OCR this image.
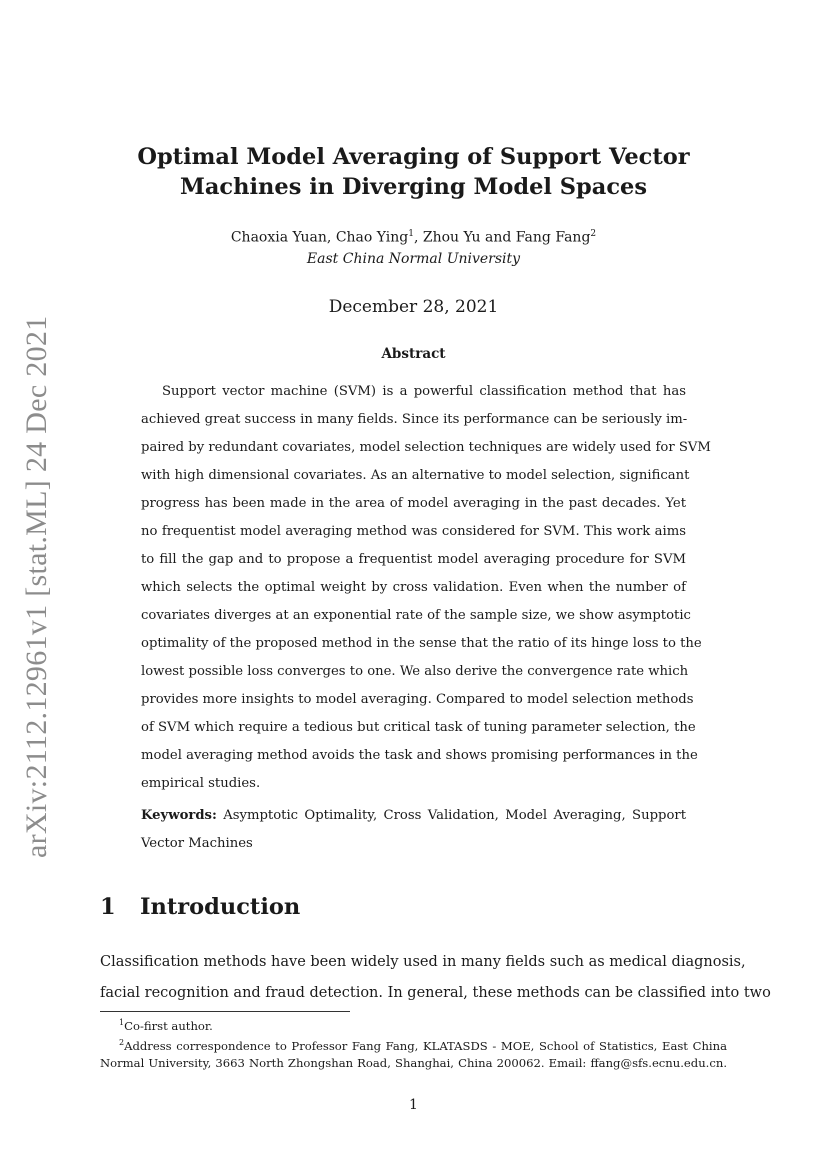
arXiv:2112.12961v1 [stat.ML] 24 Dec 2021
Optimal Model Averaging of Support Vector
Machines in Diverging Model Spaces
Chaoxia Yuan, Chao Ying$^1$, Zhou Yu and Fang Fang$^2$
East China Normal University
December 28, 2021
Abstract
Support vector machine (SVM) is a powerful classification method that has
achieved great success in many fields. Since its performance can be seriously im-
paired by redundant covariates, model selection techniques are widely used for SVM
with high dimensional covariates. As an alternative to model selection, significant
progress has been made in the area of model averaging in the past decades. Yet
no frequentist model averaging method was considered for SVM. This work aims
to fill the gap and to propose a frequentist model averaging procedure for SVM
which selects the optimal weight by cross validation. Even when the number of
covariates diverges at an exponential rate of the sample size, we show asymptotic
optimality of the proposed method in the sense that the ratio of its hinge loss to the
lowest possible loss converges to one. We also derive the convergence rate which
provides more insights to model averaging. Compared to model selection methods
of SVM which require a tedious but critical task of tuning parameter selection, the
model averaging method avoids the task and shows promising performances in the
empirical studies.
Keywords: Asymptotic Optimality, Cross Validation, Model Averaging, Support
Vector Machines
1 Introduction
Classification methods have been widely used in many fields such as medical diagnosis,
facial recognition and fraud detection. In general, these methods can be classified into two
$^1$Co-first author.
$^2$Address correspondence to Professor Fang Fang, KLATASDS - MOE, School of Statistics, East China
Normal University, 3663 North Zhongshan Road, Shanghai, China 200062. Email: ffang@sfs.ecnu.edu.cn.
1
